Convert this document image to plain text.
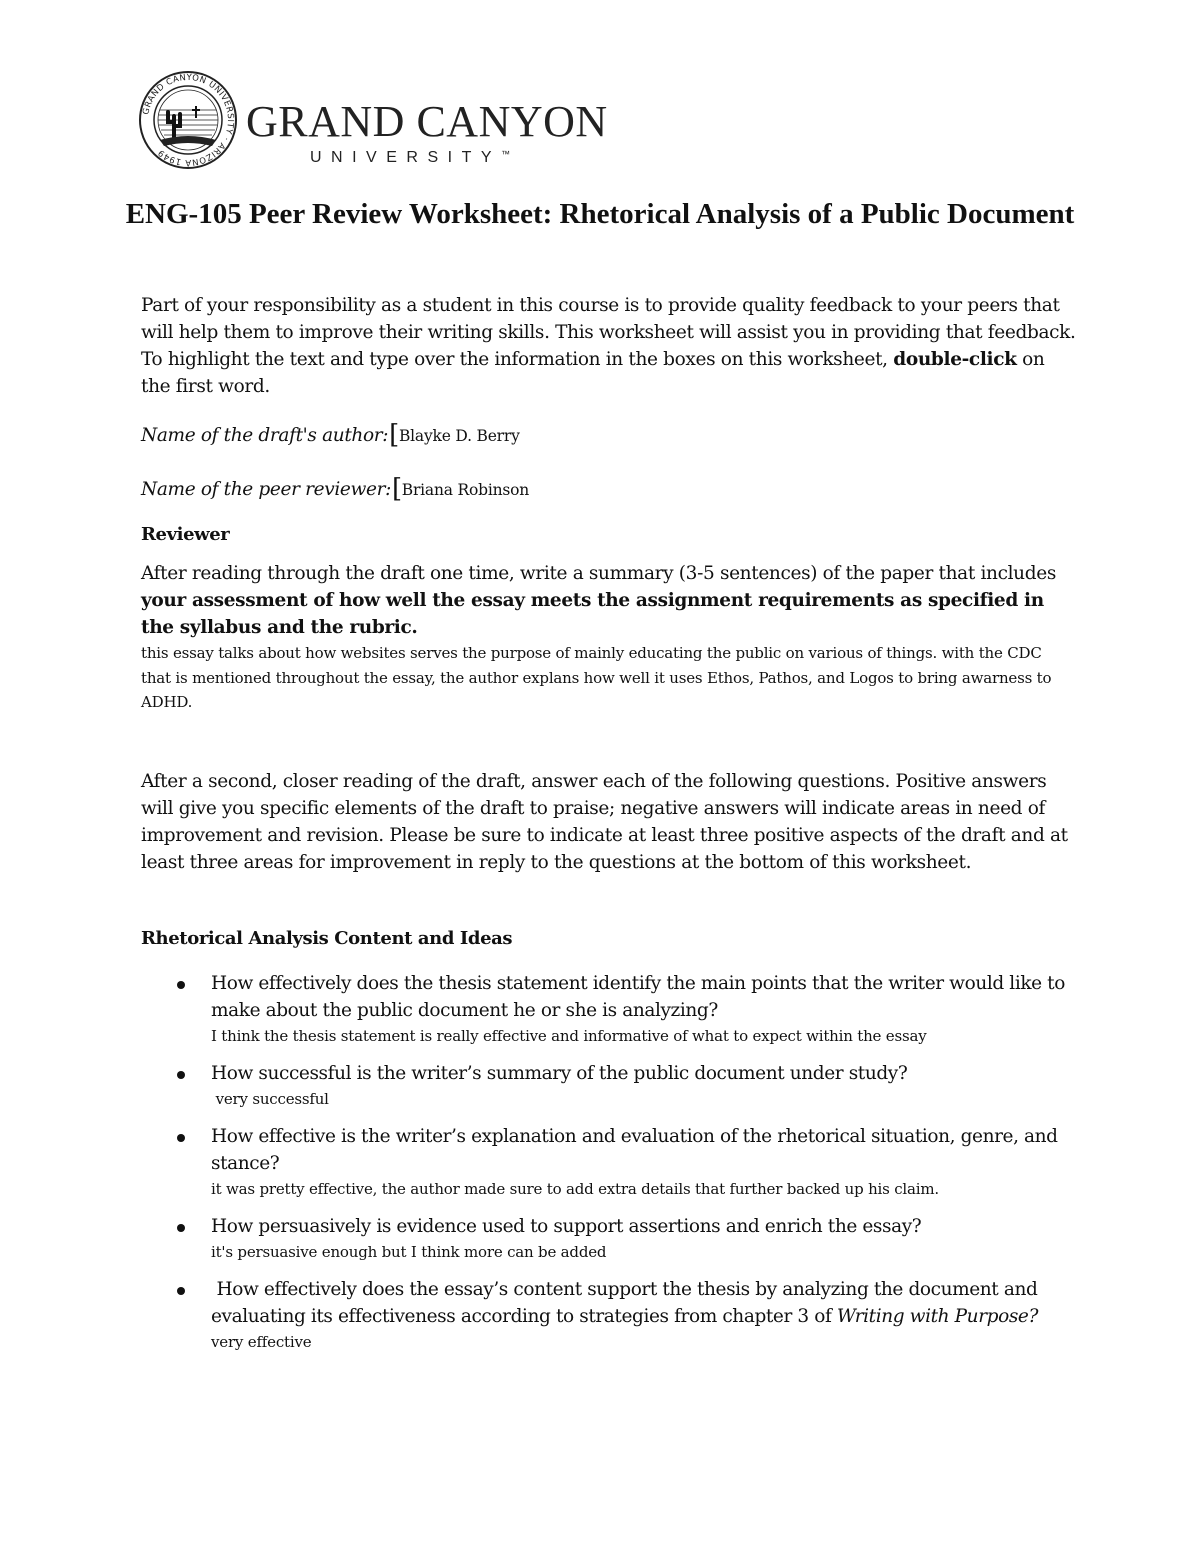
GRAND CANYON UNIVERSITY · ARIZONA 1949
GRAND CANYON
UNIVERSITY™
ENG-105 Peer Review Worksheet: Rhetorical Analysis of a Public Document

Part of your responsibility as a student in this course is to provide quality feedback to your peers that will help them to improve their writing skills. This worksheet will assist you in providing that feedback. To highlight the text and type over the information in the boxes on this worksheet, double-click on the first word.

Name of the draft's author:[Blayke D. Berry
Name of the peer reviewer:[Briana Robinson
Reviewer

After reading through the draft one time, write a summary (3-5 sentences) of the paper that includes your assessment of how well the essay meets the assignment requirements as specified in the syllabus and the rubric.

this essay talks about how websites serves the purpose of mainly educating the public on various of things. with the CDC that is mentioned throughout the essay, the author explans how well it uses Ethos, Pathos, and Logos to bring awarness to ADHD.

After a second, closer reading of the draft, answer each of the following questions. Positive answers will give you specific elements of the draft to praise; negative answers will indicate areas in need of improvement and revision. Please be sure to indicate at least three positive aspects of the draft and at least three areas for improvement in reply to the questions at the bottom of this worksheet.

Rhetorical Analysis Content and Ideas

How effectively does the thesis statement identify the main points that the writer would like to make about the public document he or she is analyzing?

I think the thesis statement is really effective and informative of what to expect within the essay

How successful is the writer’s summary of the public document under study?

very successful

How effective is the writer’s explanation and evaluation of the rhetorical situation, genre, and stance?

it was pretty effective, the author made sure to add extra details that further backed up his claim.

How persuasively is evidence used to support assertions and enrich the essay?

it's persuasive enough but I think more can be added

How effectively does the essay’s content support the thesis by analyzing the document and evaluating its effectiveness according to strategies from chapter 3 of Writing with Purpose?

very effective
